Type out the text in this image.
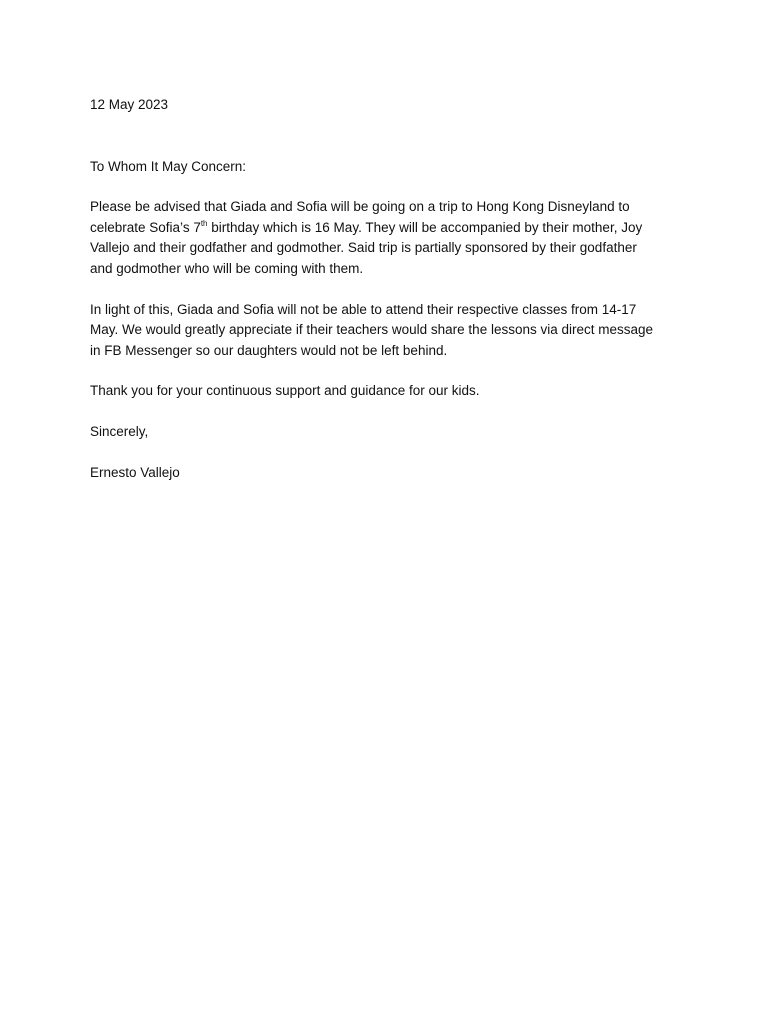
12 May 2023
To Whom It May Concern:
Please be advised that Giada and Sofia will be going on a trip to Hong Kong Disneyland to
celebrate Sofia’s 7th birthday which is 16 May. They will be accompanied by their mother, Joy
Vallejo and their godfather and godmother. Said trip is partially sponsored by their godfather
and godmother who will be coming with them.
In light of this, Giada and Sofia will not be able to attend their respective classes from 14-17
May. We would greatly appreciate if their teachers would share the lessons via direct message
in FB Messenger so our daughters would not be left behind.
Thank you for your continuous support and guidance for our kids.
Sincerely,
Ernesto Vallejo
